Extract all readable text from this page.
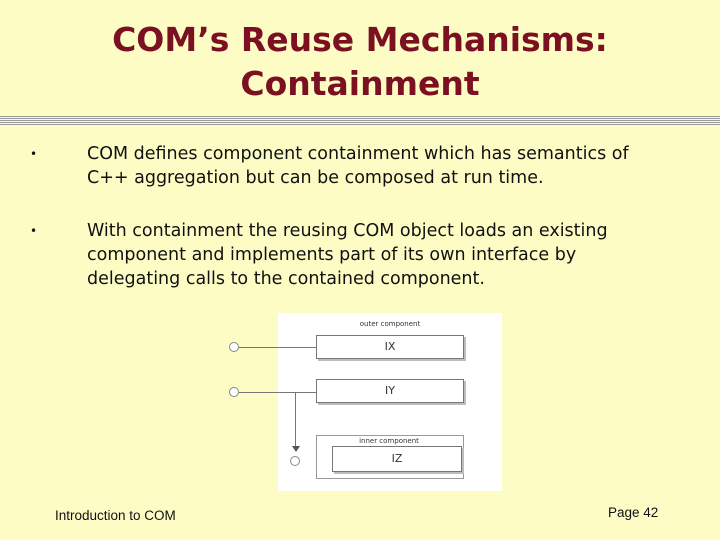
COM’s Reuse Mechanisms:
Containment
•	COM defines component containment which has semantics of
C++ aggregation but can be composed at run time.
•	With containment the reusing COM object loads an existing
component and implements part of its own interface by
delegating calls to the contained component.
outer component
IX
IY
inner component
IZ
Introduction to COM	Page 42
